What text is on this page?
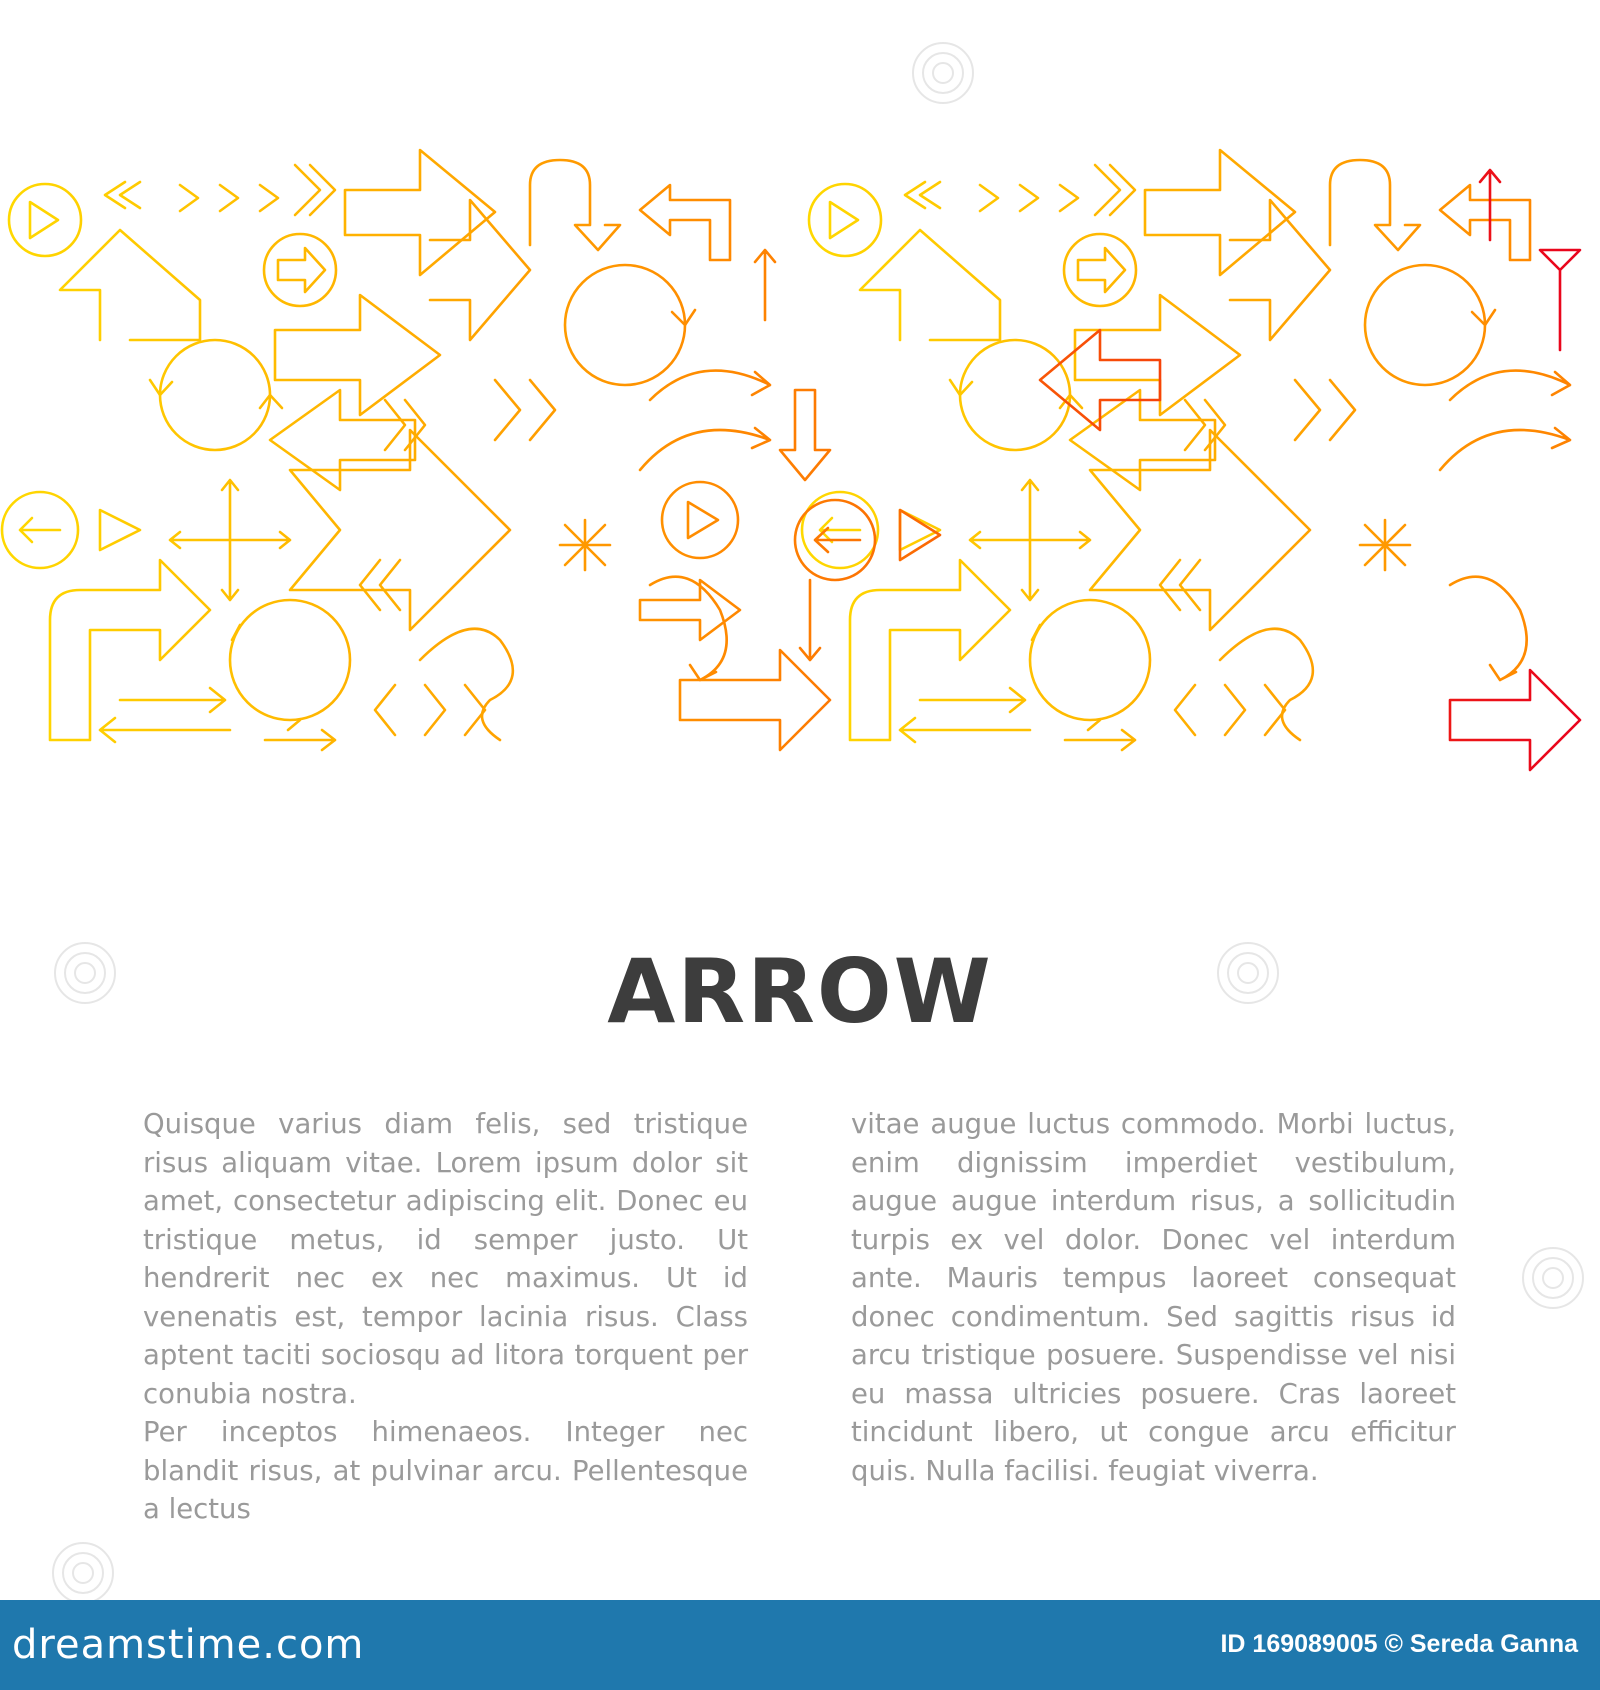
ARROW

Quisque varius diam felis, sed tristique risus aliquam vitae. Lorem ipsum dolor sit amet, consectetur adipiscing elit. Donec eu tristique metus, id semper justo. Ut hendrerit nec ex nec maximus. Ut id venenatis est, tempor lacinia risus. Class aptent taciti sociosqu ad litora torquent per conubia nostra.

Per inceptos himenaeos. Integer nec blandit risus, at pulvinar arcu. Pellentesque a lectus

vitae augue luctus commodo. Morbi luctus, enim dignissim imperdiet vestibulum, augue augue interdum risus, a sollicitudin turpis ex vel dolor. Donec vel interdum ante. Mauris tempus laoreet consequat donec condimentum. Sed sagittis risus id arcu tristique posuere. Suspendisse vel nisi eu massa ultricies posuere. Cras laoreet tincidunt libero, ut congue arcu efficitur quis. Nulla facilisi. feugiat viverra.

dreamstime.com	ID 169089005 © Sereda Ganna
